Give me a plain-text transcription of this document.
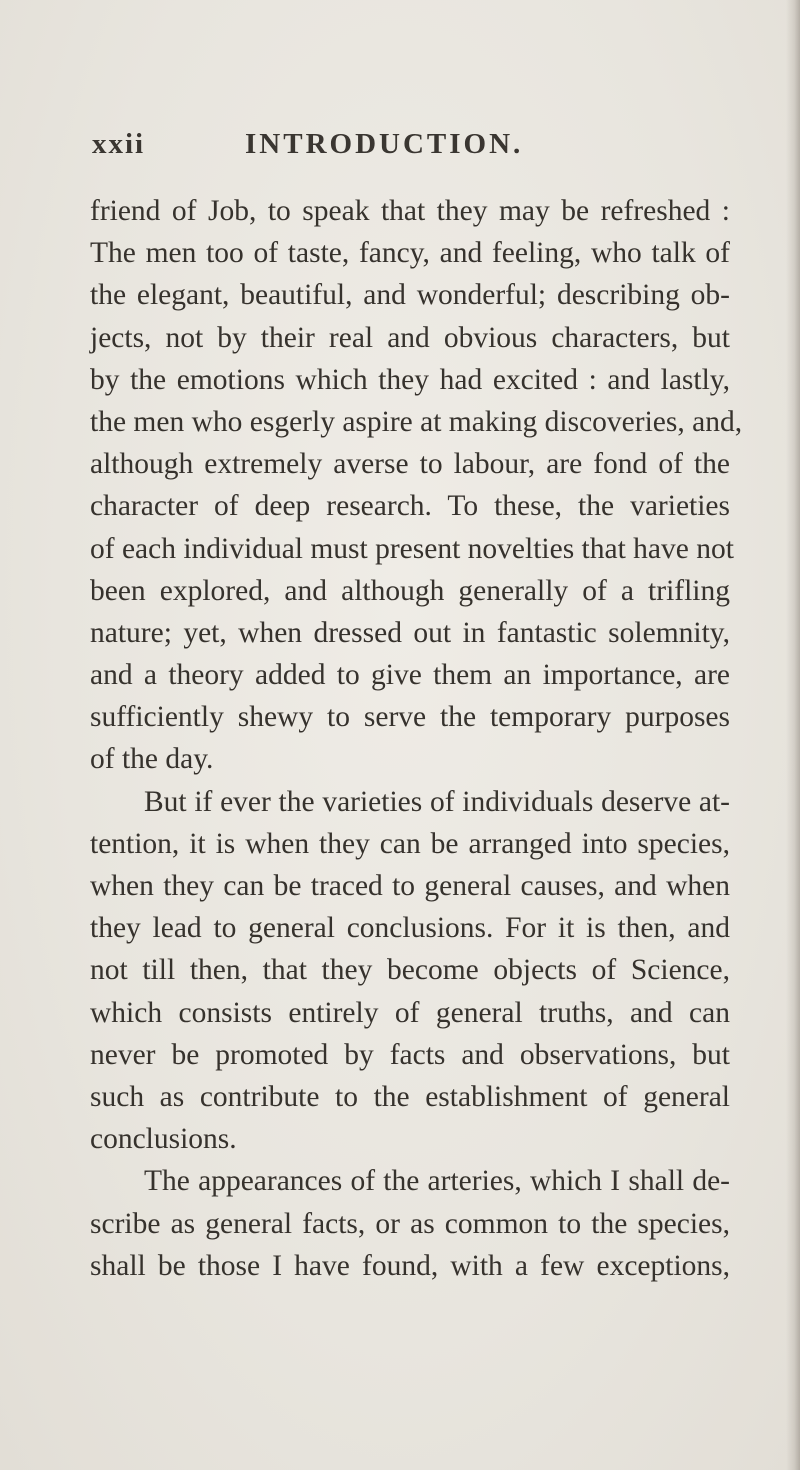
xxii	INTRODUCTION.
friend of Job, to speak that they may be refreshed :
The men too of taste, fancy, and feeling, who talk of
the elegant, beautiful, and wonderful; describing ob-
jects, not by their real and obvious characters, but
by the emotions which they had excited : and lastly,
the men who esgerly aspire at making discoveries, and,
although extremely averse to labour, are fond of the
character of deep research. To these, the varieties
of each individual must present novelties that have not
been explored, and although generally of a trifling
nature; yet, when dressed out in fantastic solemnity,
and a theory added to give them an importance, are
sufficiently shewy to serve the temporary purposes
of the day.
But if ever the varieties of individuals deserve at-
tention, it is when they can be arranged into species,
when they can be traced to general causes, and when
they lead to general conclusions. For it is then, and
not till then, that they become objects of Science,
which consists entirely of general truths, and can
never be promoted by facts and observations, but
such as contribute to the establishment of general
conclusions.
The appearances of the arteries, which I shall de-
scribe as general facts, or as common to the species,
shall be those I have found, with a few exceptions,
